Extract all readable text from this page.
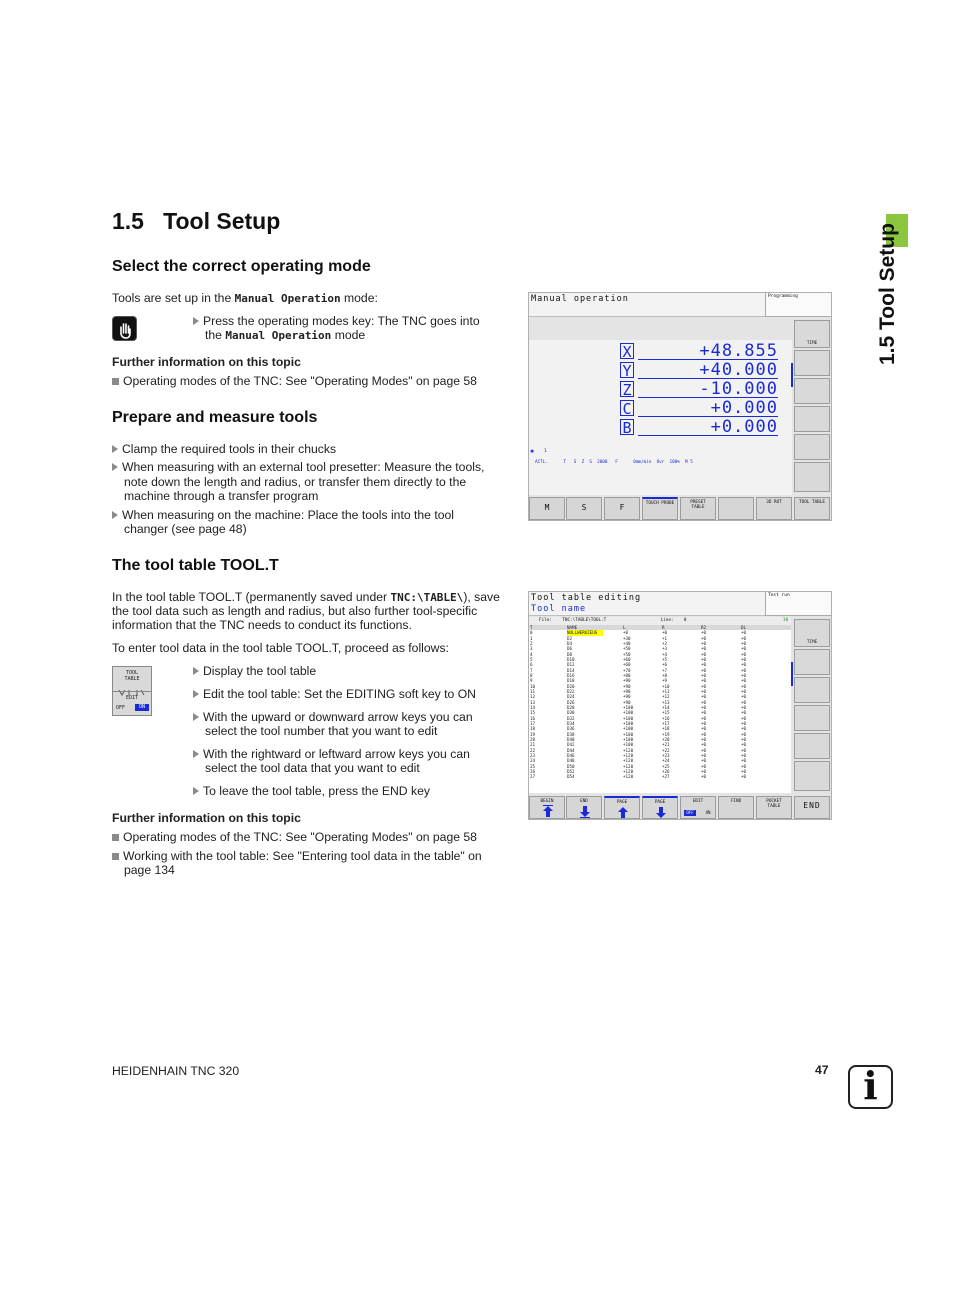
1.5 Tool Setup
1.5   Tool Setup
Select the correct operating mode
Tools are set up in the Manual Operation mode:
Press the operating modes key: The TNC goes into
the Manual Operation mode
Further information on this topic
Operating modes of the TNC: See "Operating Modes" on page 58
Prepare and measure tools
Clamp the required tools in their chucks
When measuring with an external tool presetter: Measure the tools,
note down the length and radius, or transfer them directly to the
machine through a transfer program
When measuring on the machine: Place the tools into the tool
changer (see page 48)
The tool table TOOL.T
In the tool table TOOL.T (permanently saved under TNC:\TABLE\), save
the tool data such as length and radius, but also further tool-specific
information that the TNC needs to conduct its functions.
To enter tool data in the tool table TOOL.T, proceed as follows:
TOOL
TABLE
EDIT
OFF	ON
Display the tool table
Edit the tool table: Set the EDITING soft key to ON
With the upward or downward arrow keys you can
select the tool number that you want to edit
With the rightward or leftward arrow keys you can
select the tool data that you want to edit
To leave the tool table, press the END key
Further information on this topic
Operating modes of the TNC: See "Operating Modes" on page 58
Working with the tool table: See "Entering tool data in the table" on
page 134
Manual operation	Programming
X	+48.855
Y	+40.000
Z	-10.000
C	+0.000
B	+0.000
✱ 1
ACTL.      T   S  Z  S  2000   F      0mm/min  Ovr  100%  M 5
TIME
M	S	F	TOUCH PROBE	PRESET TABLE
3D ROT	TOOL TABLE
Tool table editing
Tool name
Test run
File:    TNC:\TABLE\TOOL.T                     Line:    0	30
T	NAME	L	R	R2	DL
0	NULLWERKZEUG	+0	+0	+0	+0
1	D2	+30	+1	+0	+0
2	D4	+40	+2	+0	+0
3	D6	+50	+3	+0	+0
4	D8	+50	+4	+0	+0
5	D10	+60	+5	+0	+0
6	D12	+60	+6	+0	+0
7	D14	+70	+7	+0	+0
8	D16	+80	+8	+0	+0
9	D18	+90	+9	+0	+0
10	D20	+90	+10	+0	+0
11	D22	+90	+11	+0	+0
12	D24	+90	+12	+0	+0
13	D26	+90	+13	+0	+0
14	D28	+100	+14	+0	+0
15	D30	+100	+15	+0	+0
16	D32	+100	+16	+0	+0
17	D34	+100	+17	+0	+0
18	D36	+100	+18	+0	+0
19	D38	+100	+19	+0	+0
20	D40	+100	+20	+0	+0
21	D42	+100	+21	+0	+0
22	D44	+120	+22	+0	+0
23	D46	+120	+23	+0	+0
24	D48	+120	+24	+0	+0
25	D50	+120	+25	+0	+0
26	D52	+120	+26	+0	+0
27	D54	+120	+27	+0	+0
TIME
BEGIN	END	PAGE	PAGE	EDIT
OFF	ON
FIND	POCKET TABLE	END
HEIDENHAIN TNC 320	47 i
